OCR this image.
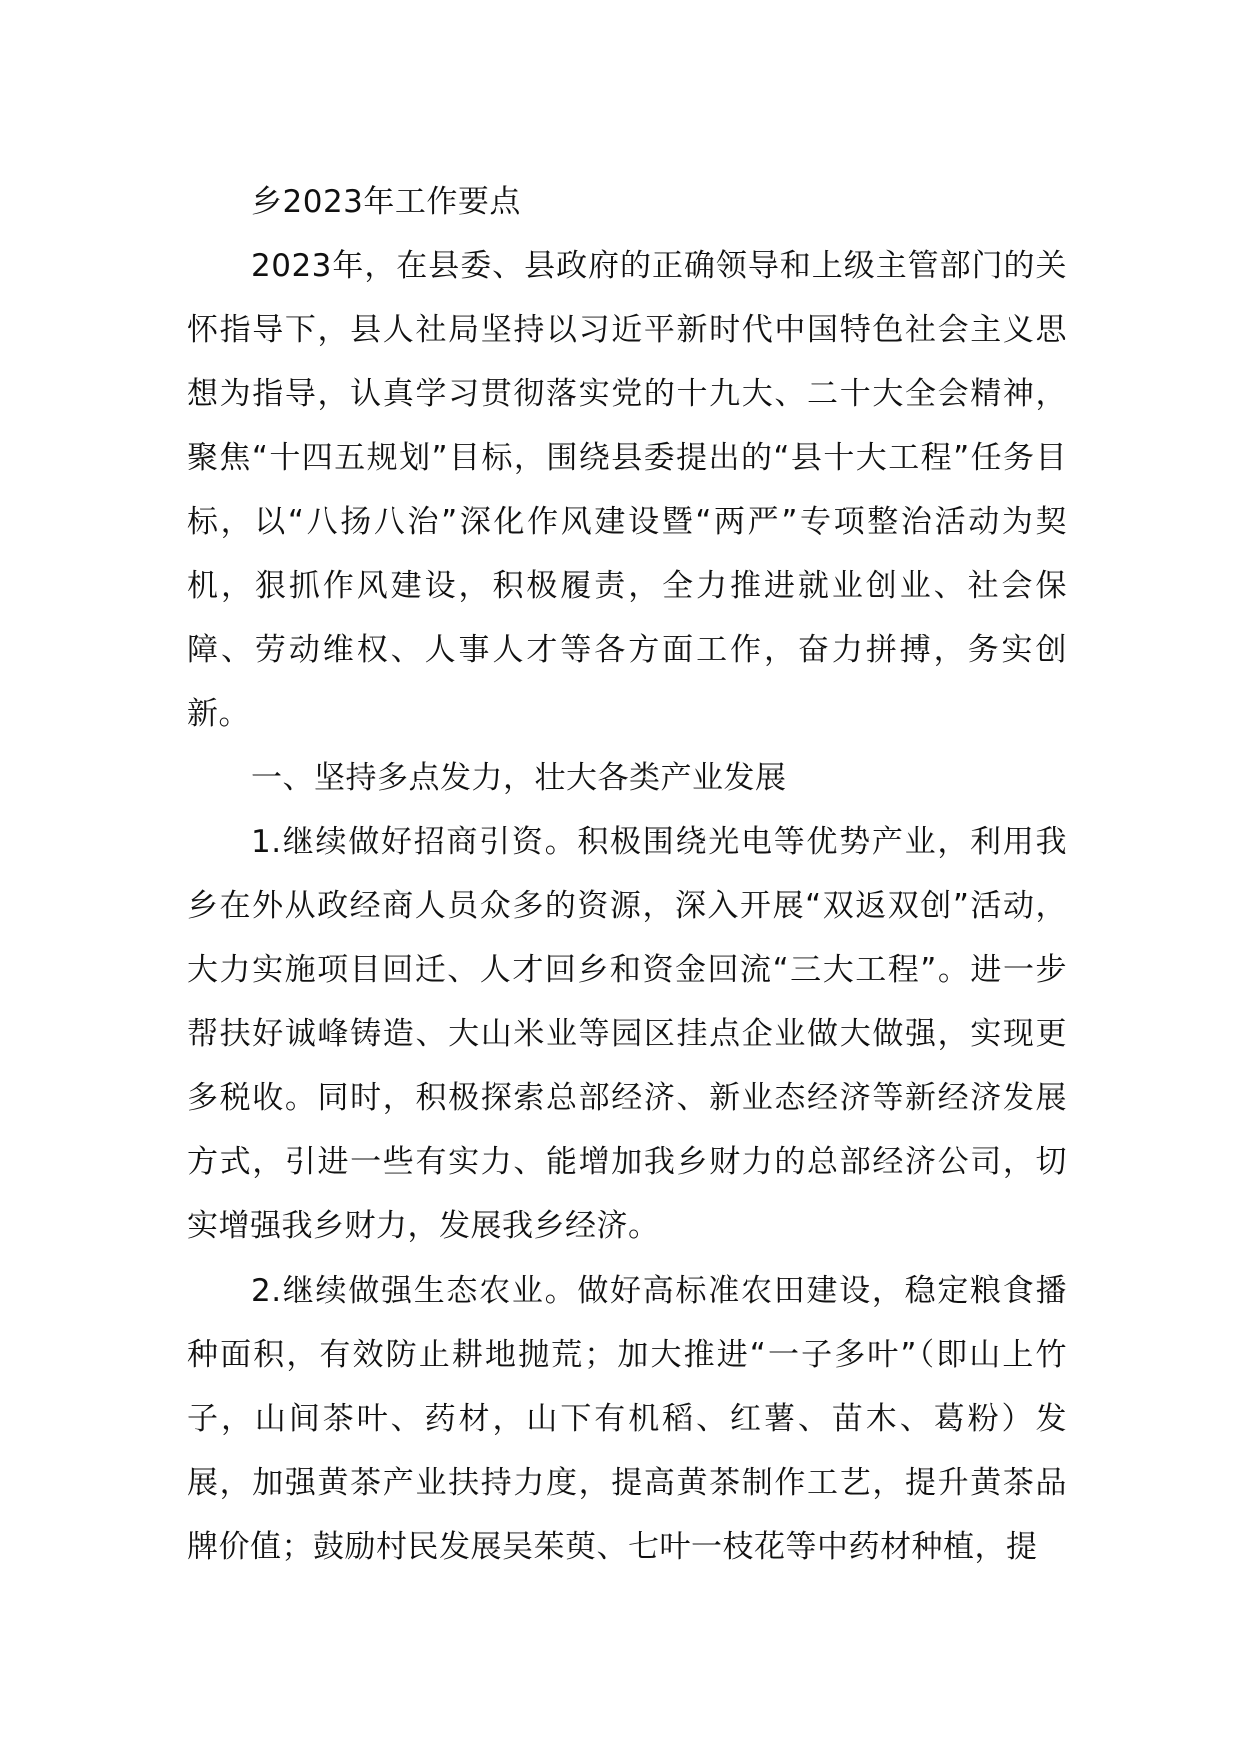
乡2023年工作要点

2023年，在县委、县政府的正确领导和上级主管部门的关怀指导下，县人社局坚持以习近平新时代中国特色社会主义思想为指导，认真学习贯彻落实党的十九大、二十大全会精神，聚焦“十四五规划”目标，围绕县委提出的“县十大工程”任务目标，以“八扬八治”深化作风建设暨“两严”专项整治活动为契机，狠抓作风建设，积极履责，全力推进就业创业、社会保障、劳动维权、人事人才等各方面工作，奋力拼搏，务实创新。

一、坚持多点发力，壮大各类产业发展

1.继续做好招商引资。积极围绕光电等优势产业，利用我乡在外从政经商人员众多的资源，深入开展“双返双创”活动，大力实施项目回迁、人才回乡和资金回流“三大工程”。进一步帮扶好诚峰铸造、大山米业等园区挂点企业做大做强，实现更多税收。同时，积极探索总部经济、新业态经济等新经济发展方式，引进一些有实力、能增加我乡财力的总部经济公司，切实增强我乡财力，发展我乡经济。

2.继续做强生态农业。做好高标准农田建设，稳定粮食播种面积，有效防止耕地抛荒；加大推进“一子多叶”（即山上竹子，山间茶叶、药材，山下有机稻、红薯、苗木、葛粉）发展，加强黄茶产业扶持力度，提高黄茶制作工艺，提升黄茶品牌价值；鼓励村民发展吴茱萸、七叶一枝花等中药材种植，提
